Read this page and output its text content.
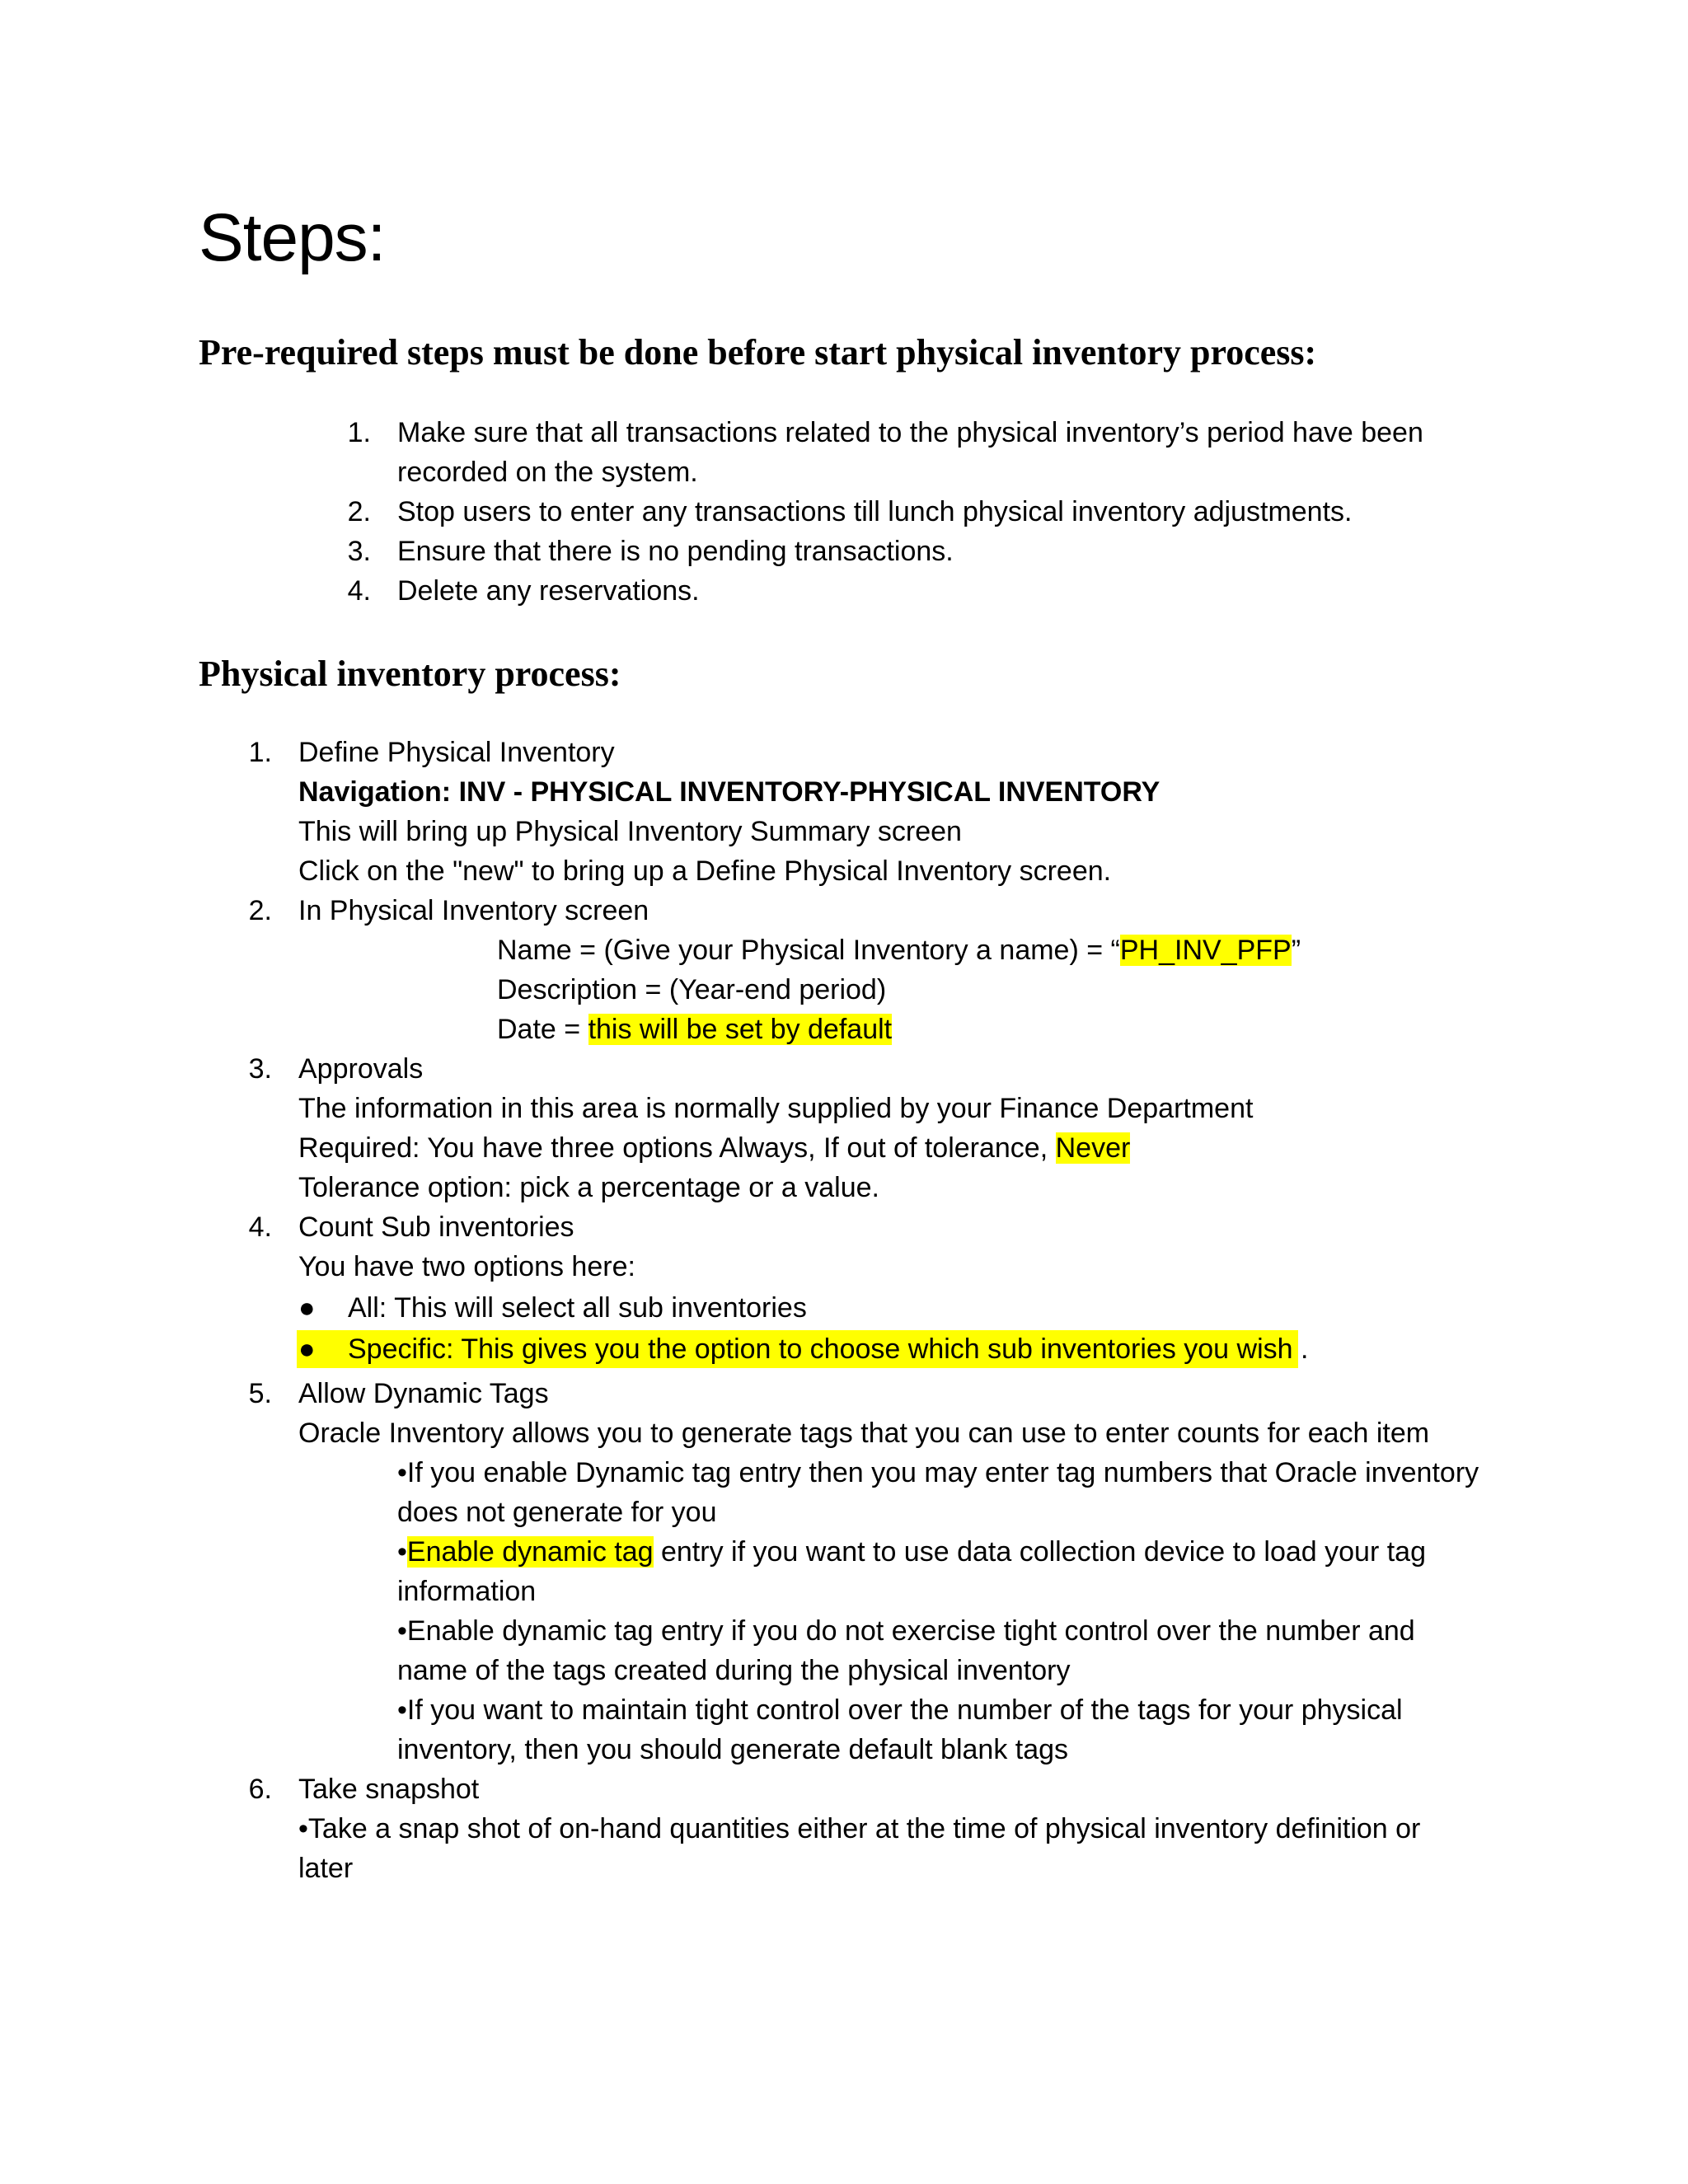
Steps:
Pre-required steps must be done before start physical inventory process:
1. Make sure that all transactions related to the physical inventory’s period have been
recorded on the system.
2. Stop users to enter any transactions till lunch physical inventory adjustments.
3. Ensure that there is no pending transactions.
4. Delete any reservations.
Physical inventory process:
1. Define Physical Inventory
Navigation: INV - PHYSICAL INVENTORY-PHYSICAL INVENTORY
This will bring up Physical Inventory Summary screen
Click on the "new" to bring up a Define Physical Inventory screen.
2. In Physical Inventory screen
Name = (Give your Physical Inventory a name) = “PH_INV_PFP”
Description = (Year-end period)
Date = this will be set by default
3. Approvals
The information in this area is normally supplied by your Finance Department
Required: You have three options Always, If out of tolerance, Never
Tolerance option: pick a percentage or a value.
4. Count Sub inventories
You have two options here:
● All: This will select all sub inventories
● Specific: This gives you the option to choose which sub inventories you wish .
5. Allow Dynamic Tags
Oracle Inventory allows you to generate tags that you can use to enter counts for each item
•If you enable Dynamic tag entry then you may enter tag numbers that Oracle inventory
does not generate for you
•Enable dynamic tag entry if you want to use data collection device to load your tag
information
•Enable dynamic tag entry if you do not exercise tight control over the number and
name of the tags created during the physical inventory
•If you want to maintain tight control over the number of the tags for your physical
inventory, then you should generate default blank tags
6. Take snapshot
•Take a snap shot of on-hand quantities either at the time of physical inventory definition or
later
